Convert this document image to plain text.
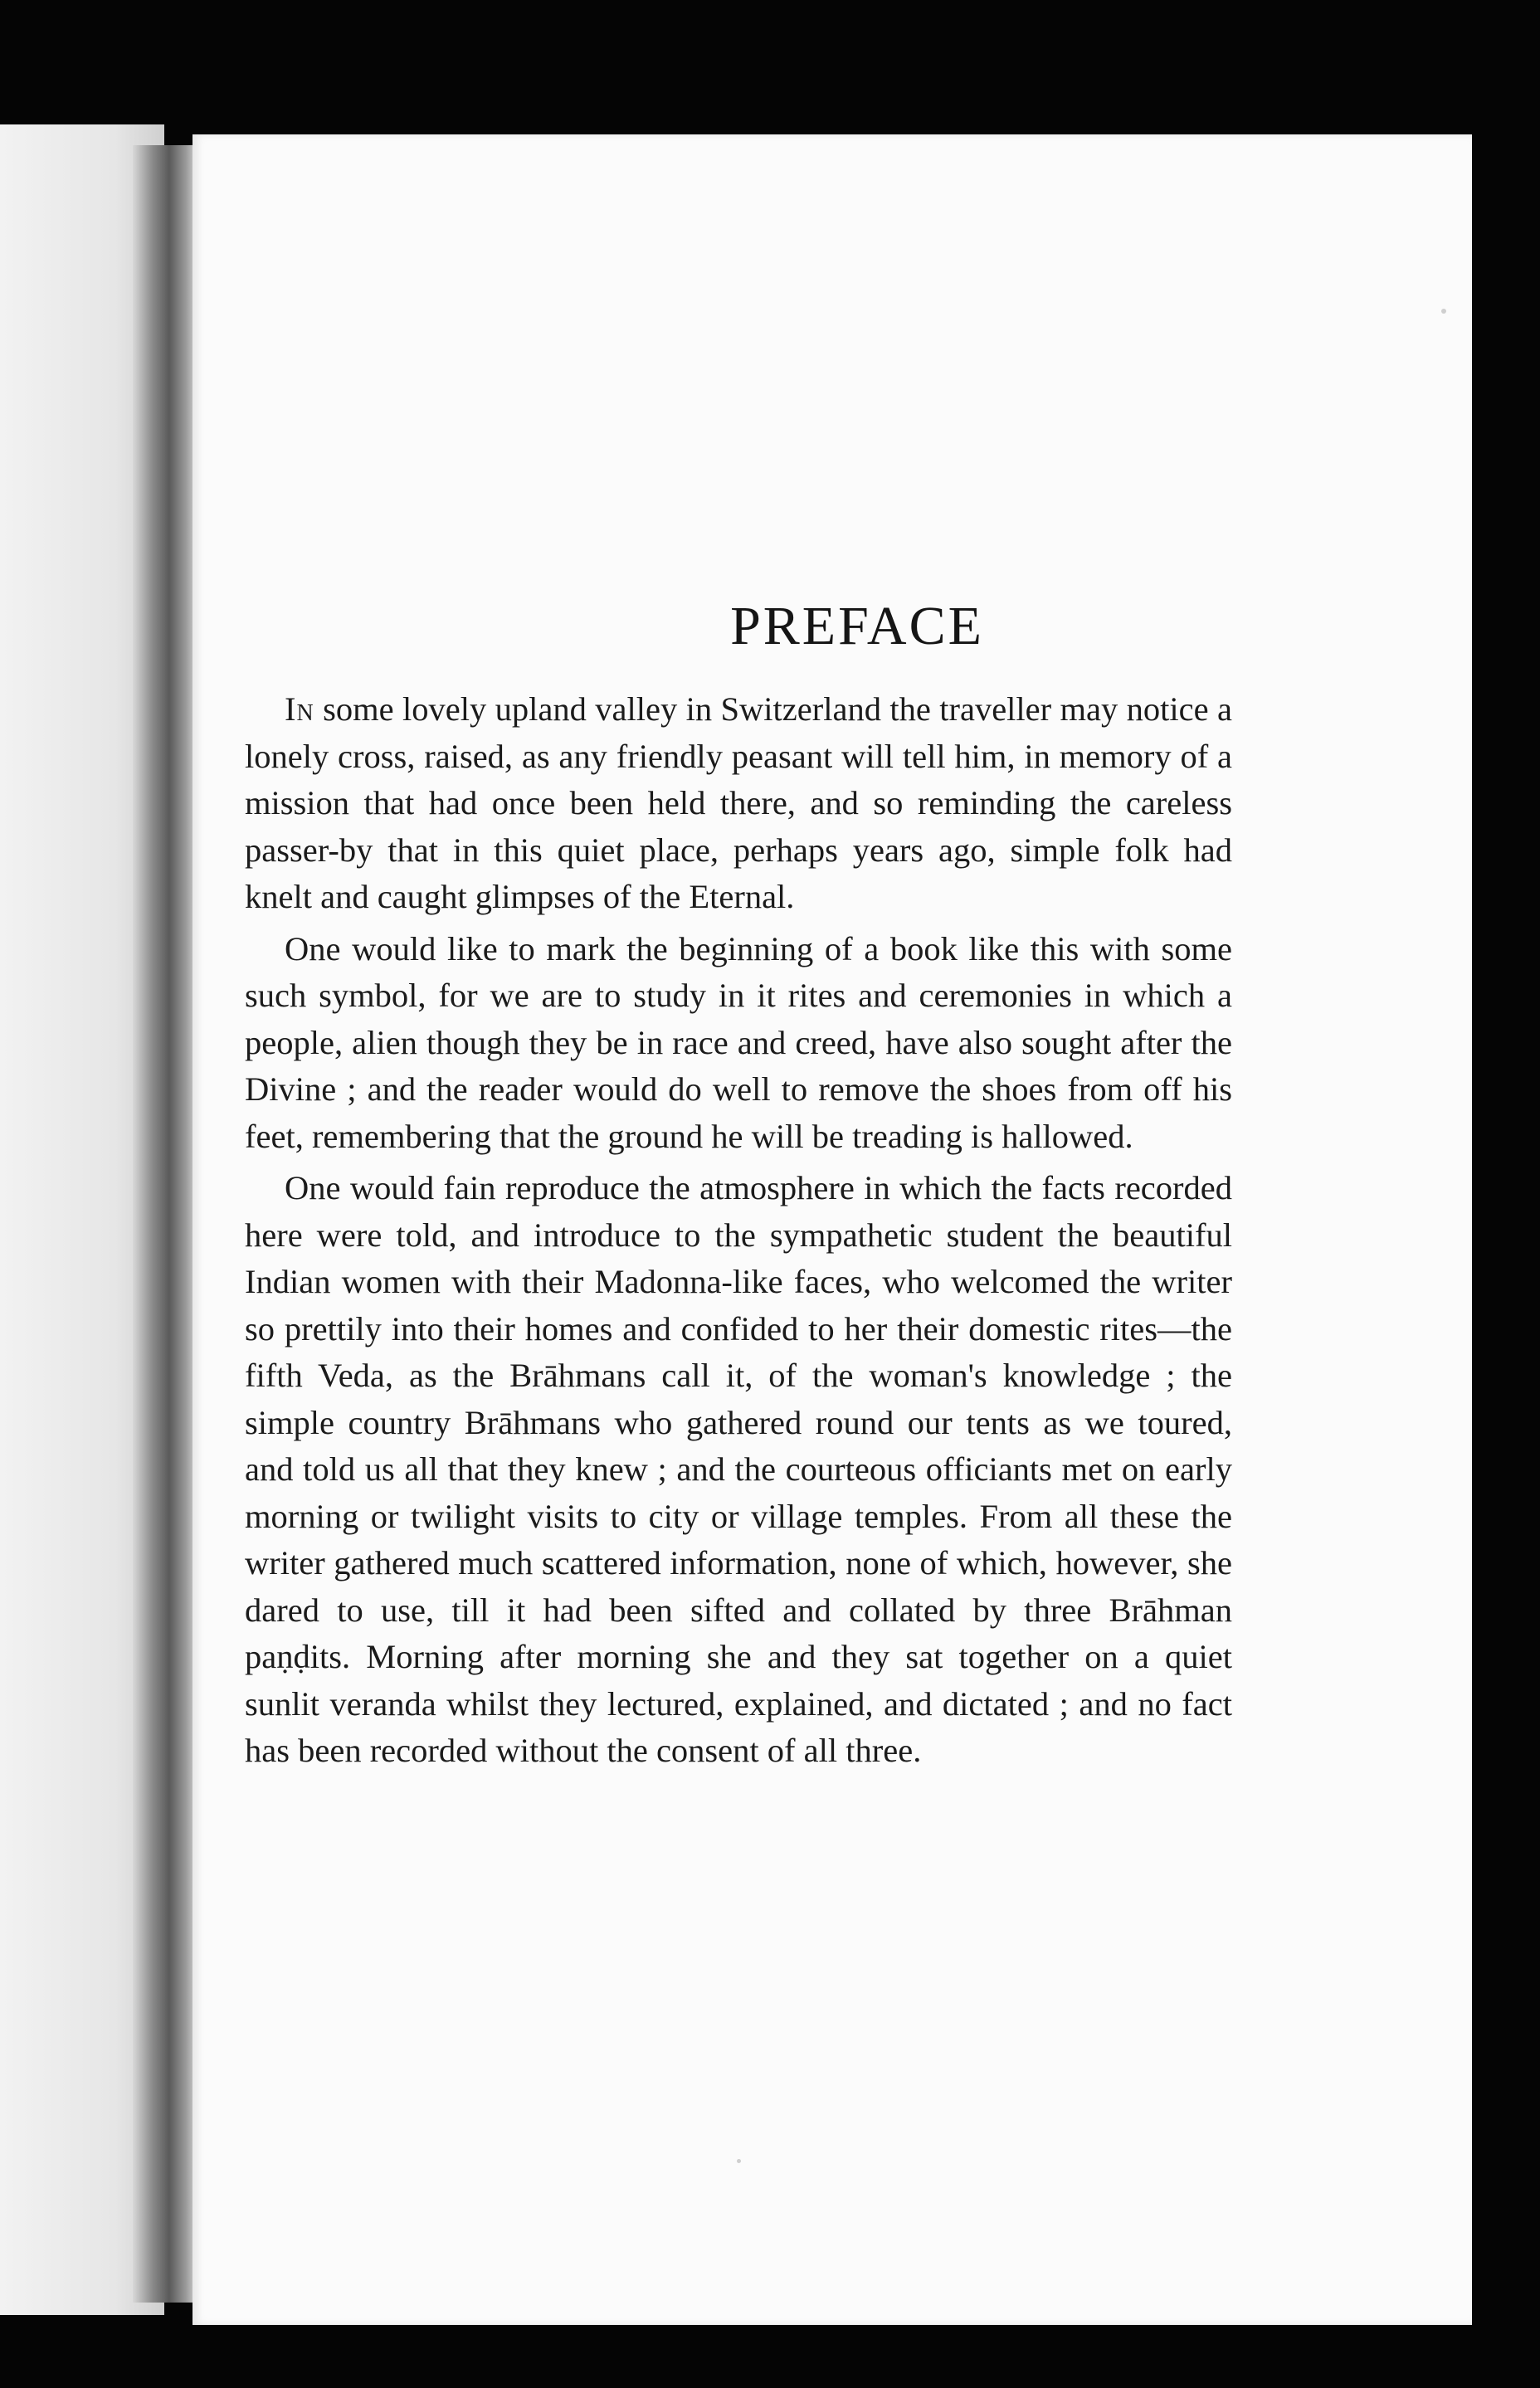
PREFACE

In some lovely upland valley in Switzerland the traveller may notice a lonely cross, raised, as any friendly peasant will tell him, in memory of a mission that had once been held there, and so reminding the careless passer-by that in this quiet place, perhaps years ago, simple folk had knelt and caught glimpses of the Eternal.

One would like to mark the beginning of a book like this with some such symbol, for we are to study in it rites and ceremonies in which a people, alien though they be in race and creed, have also sought after the Divine ; and the reader would do well to remove the shoes from off his feet, remembering that the ground he will be treading is hallowed.

One would fain reproduce the atmosphere in which the facts recorded here were told, and introduce to the sympathetic student the beautiful Indian women with their Madonna-like faces, who welcomed the writer so prettily into their homes and confided to her their domestic rites—the fifth Veda, as the Brāhmans call it, of the woman's knowledge ; the simple country Brāhmans who gathered round our tents as we toured, and told us all that they knew ; and the courteous officiants met on early morning or twilight visits to city or village temples. From all these the writer gathered much scattered information, none of which, however, she dared to use, till it had been sifted and collated by three Brāhman paṇḍits. Morning after morning she and they sat together on a quiet sunlit veranda whilst they lectured, explained, and dictated ; and no fact has been recorded without the consent of all three.
